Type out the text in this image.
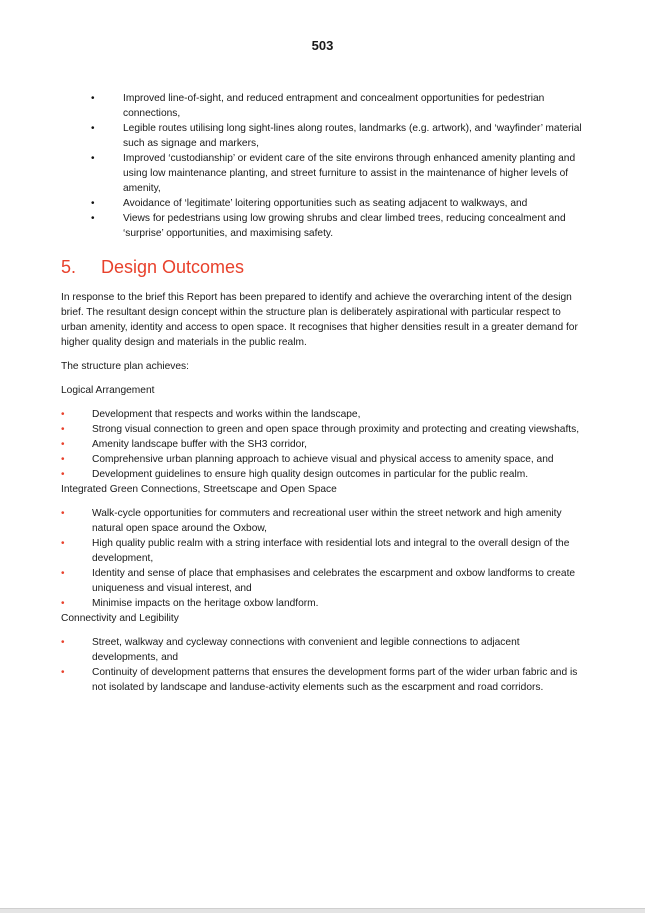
503
•	Improved line-of-sight, and reduced entrapment and concealment opportunities for pedestrian connections,
•	Legible routes utilising long sight-lines along routes, landmarks (e.g. artwork), and ‘wayfinder’ material such as signage and markers,
•	Improved ‘custodianship’ or evident care of the site environs through enhanced amenity planting and using low maintenance planting, and street furniture to assist in the maintenance of higher levels of amenity,
•	Avoidance of ‘legitimate’ loitering opportunities such as seating adjacent to walkways, and
•	Views for pedestrians using low growing shrubs and clear limbed trees, reducing concealment and ‘surprise’ opportunities, and maximising safety.
5. Design Outcomes

In response to the brief this Report has been prepared to identify and achieve the overarching intent of the design brief. The resultant design concept within the structure plan is deliberately aspirational with particular respect to urban amenity, identity and access to open space. It recognises that higher densities result in a greater demand for higher quality design and materials in the public realm.

The structure plan achieves:

Logical Arrangement
•	Development that respects and works within the landscape,
•	Strong visual connection to green and open space through proximity and protecting and creating viewshafts,
•	Amenity landscape buffer with the SH3 corridor,
•	Comprehensive urban planning approach to achieve visual and physical access to amenity space, and
•	Development guidelines to ensure high quality design outcomes in particular for the public realm.
Integrated Green Connections, Streetscape and Open Space
•	Walk-cycle opportunities for commuters and recreational user within the street network and high amenity natural open space around the Oxbow,
•	High quality public realm with a string interface with residential lots and integral to the overall design of the development,
•	Identity and sense of place that emphasises and celebrates the escarpment and oxbow landforms to create uniqueness and visual interest, and
•	Minimise impacts on the heritage oxbow landform.
Connectivity and Legibility
•	Street, walkway and cycleway connections with convenient and legible connections to adjacent developments, and
•	Continuity of development patterns that ensures the development forms part of the wider urban fabric and is not isolated by landscape and landuse-activity elements such as the escarpment and road corridors.
